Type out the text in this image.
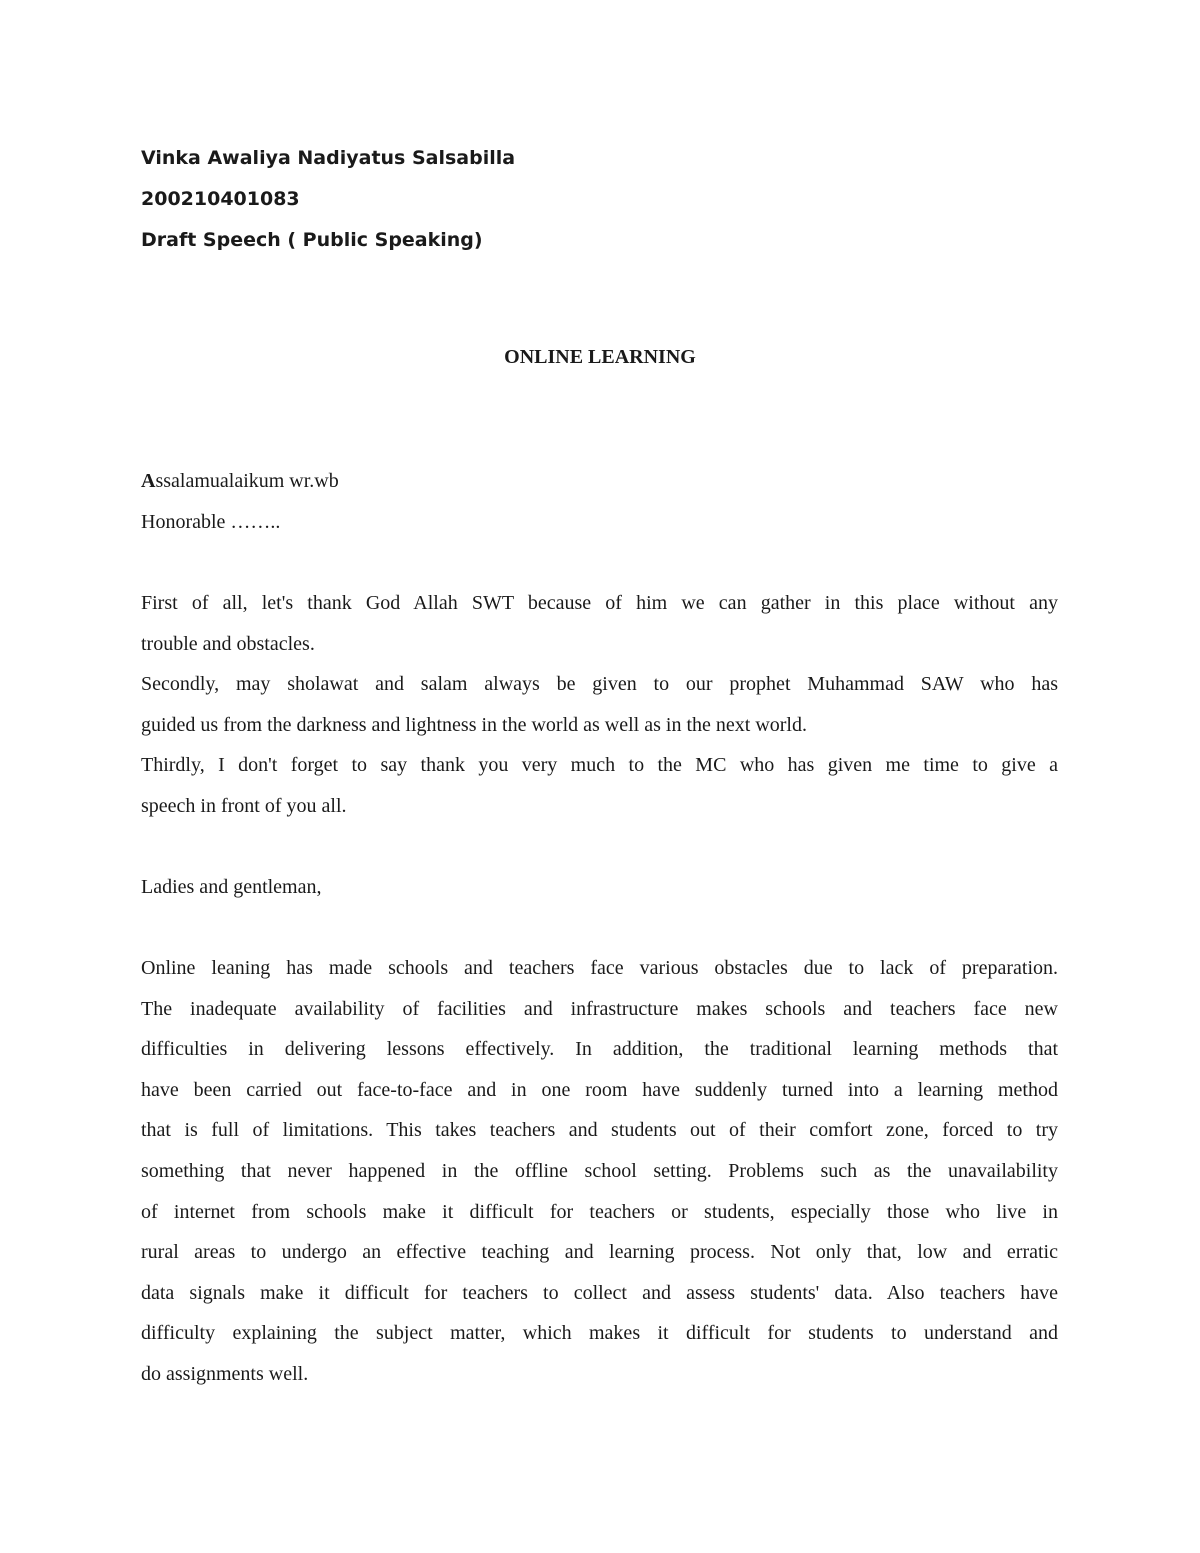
Vinka Awaliya Nadiyatus Salsabilla
200210401083
Draft Speech ( Public Speaking)
ONLINE LEARNING
Assalamualaikum wr.wb
Honorable ……..
First of all, let's thank God Allah SWT because of him we can gather in this place without any
trouble and obstacles.
Secondly, may sholawat and salam always be given to our prophet Muhammad SAW who has
guided us from the darkness and lightness in the world as well as in the next world.
Thirdly, I don't forget to say thank you very much to the MC who has given me time to give a
speech in front of you all.
Ladies and gentleman,
Online leaning has made schools and teachers face various obstacles due to lack of preparation.
The inadequate availability of facilities and infrastructure makes schools and teachers face new
difficulties in delivering lessons effectively. In addition, the traditional learning methods that
have been carried out face-to-face and in one room have suddenly turned into a learning method
that is full of limitations. This takes teachers and students out of their comfort zone, forced to try
something that never happened in the offline school setting. Problems such as the unavailability
of internet from schools make it difficult for teachers or students, especially those who live in
rural areas to undergo an effective teaching and learning process. Not only that, low and erratic
data signals make it difficult for teachers to collect and assess students' data. Also teachers have
difficulty explaining the subject matter, which makes it difficult for students to understand and
do assignments well.
